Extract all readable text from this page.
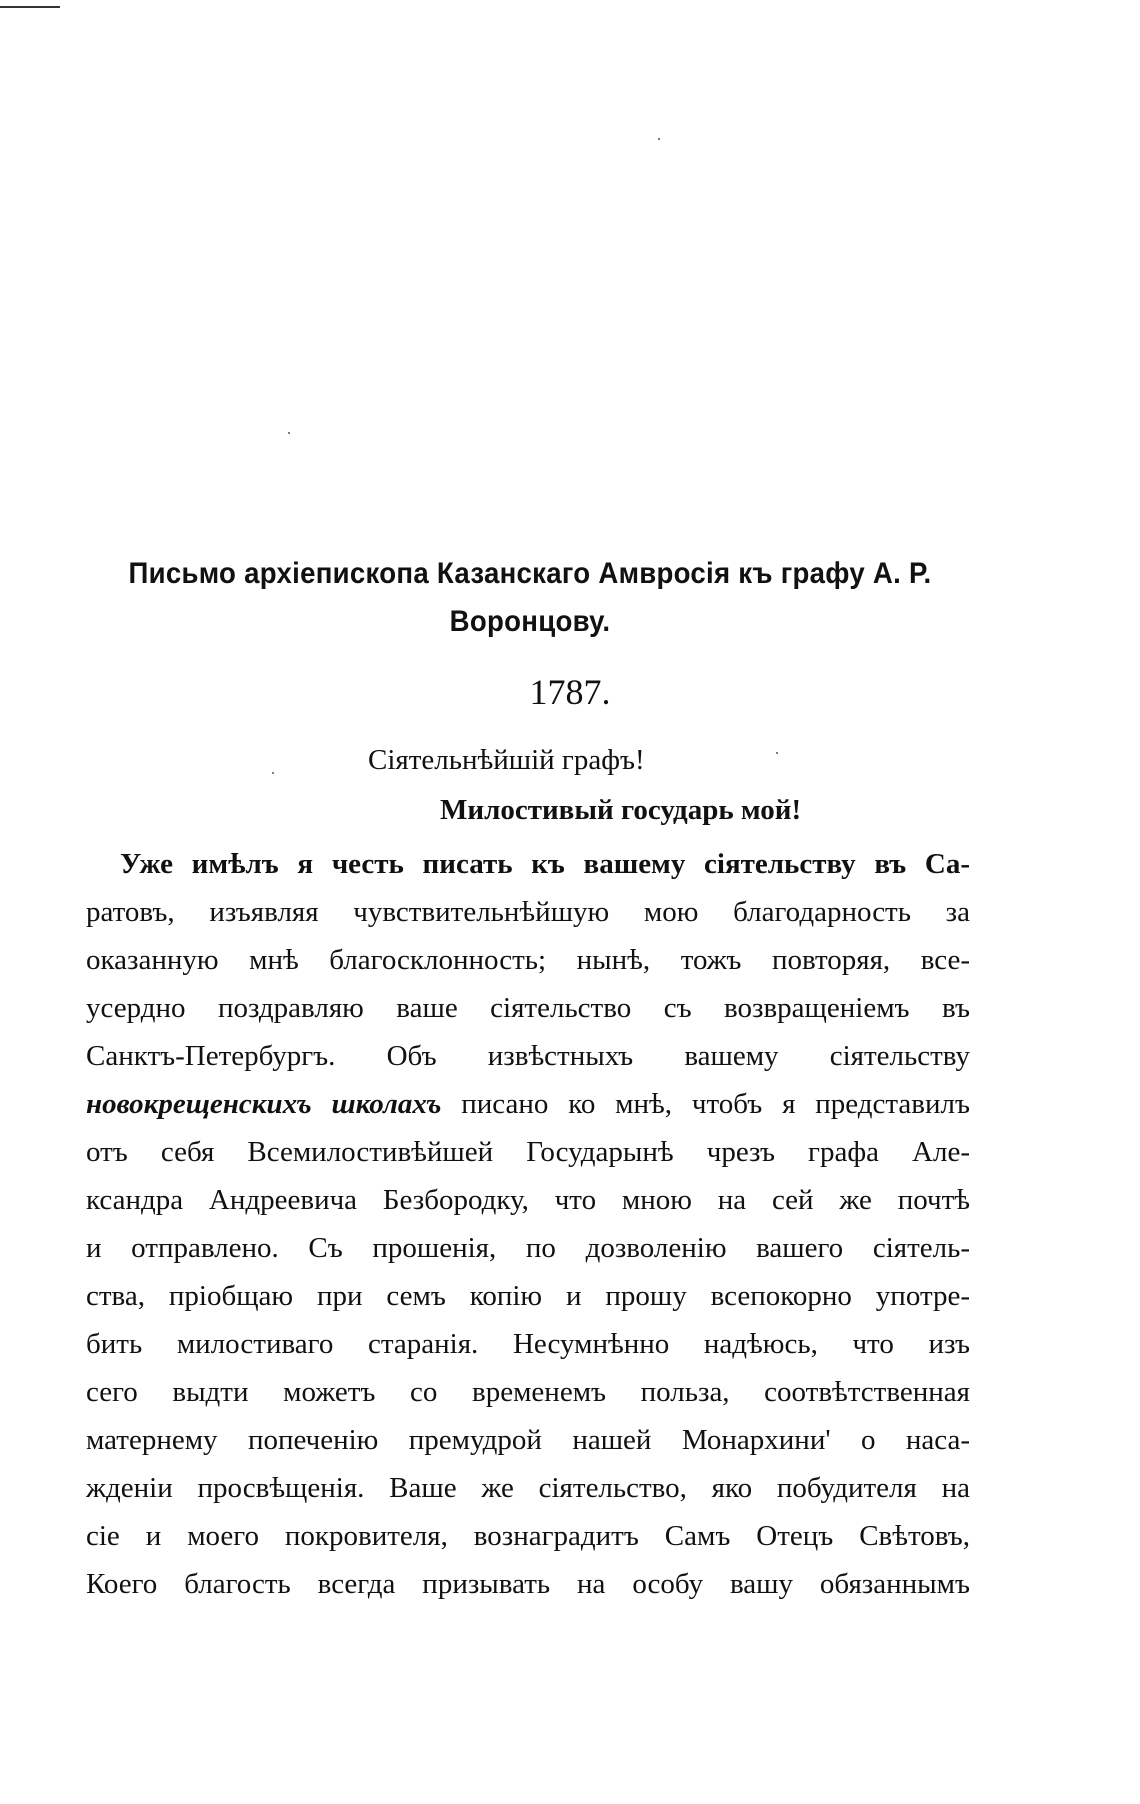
Письмо архіепископа Казанскаго Амвросія къ графу А. Р.
Воронцову.
1787.
Сіятельнѣйшій графъ!
Милостивый государь мой!
Уже имѣлъ я честь писать къ вашему сіятельству въ Са-
ратовъ, изъявляя чувствительнѣйшую мою благодарность за
оказанную мнѣ благосклонность; нынѣ, тожъ повторяя, все-
усердно поздравляю ваше сіятельство съ возвращеніемъ въ
Санктъ-Петербургъ. Объ извѣстныхъ вашему сіятельству
новокрещенскихъ школахъ писано ко мнѣ, чтобъ я представилъ
отъ себя Всемилостивѣйшей Государынѣ чрезъ графа Але-
ксандра Андреевича Безбородку, что мною на сей же почтѣ
и отправлено. Съ прошенія, по дозволенію вашего сіятель-
ства, пріобщаю при семъ копію и прошу всепокорно употре-
бить милостиваго старанія. Несумнѣнно надѣюсь, что изъ
сего выдти можетъ со временемъ польза, соотвѣтственная
матернему попеченію премудрой нашей Монархини' о наса-
жденіи просвѣщенія. Ваше же сіятельство, яко побудителя на
сіе и моего покровителя, вознаградитъ Самъ Отецъ Свѣтовъ,
Коего благость всегда призывать на особу вашу обязаннымъ
